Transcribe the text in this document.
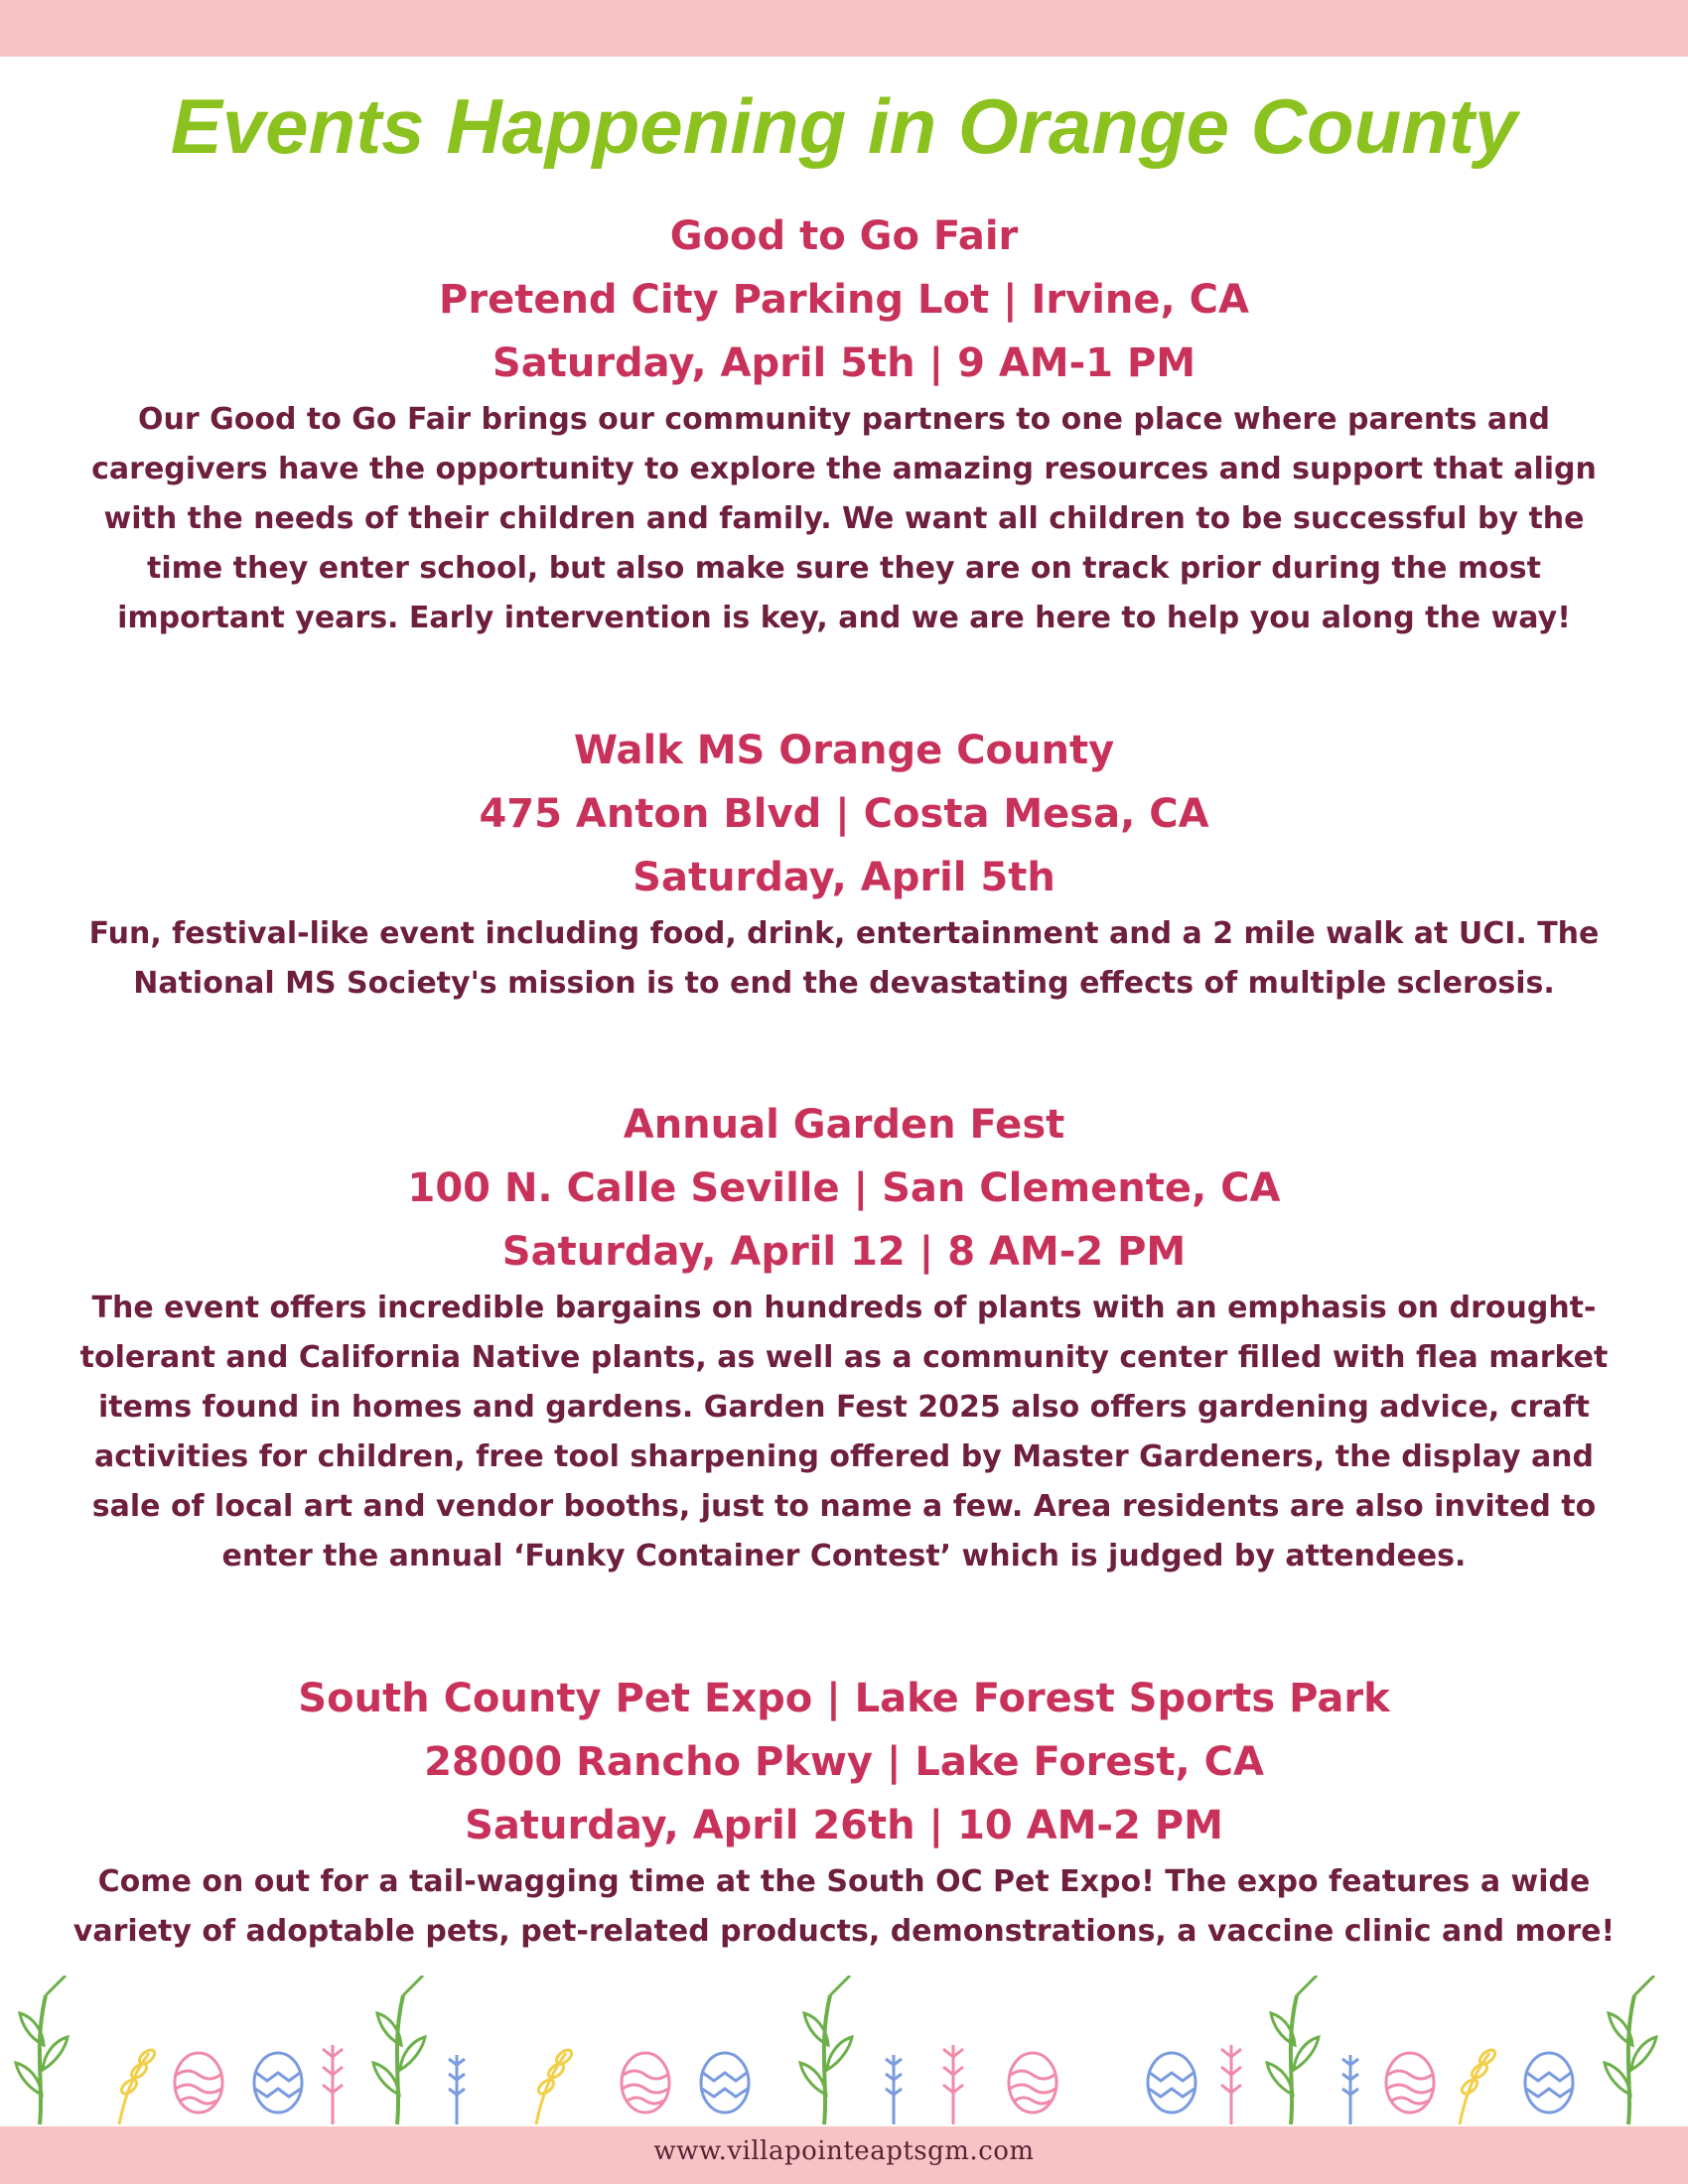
Events Happening in Orange County

Good to Go Fair

Pretend City Parking Lot | Irvine, CA

Saturday, April 5th | 9 AM-1 PM

Our Good to Go Fair brings our community partners to one place where parents and

caregivers have the opportunity to explore the amazing resources and support that align

with the needs of their children and family. We want all children to be successful by the

time they enter school, but also make sure they are on track prior during the most

important years. Early intervention is key, and we are here to help you along the way!

Walk MS Orange County

475 Anton Blvd | Costa Mesa, CA

Saturday, April 5th

Fun, festival-like event including food, drink, entertainment and a 2 mile walk at UCI. The

National MS Society's mission is to end the devastating effects of multiple sclerosis.

Annual Garden Fest

100 N. Calle Seville | San Clemente, CA

Saturday, April 12 | 8 AM-2 PM

The event offers incredible bargains on hundreds of plants with an emphasis on drought-

tolerant and California Native plants, as well as a community center filled with flea market

items found in homes and gardens. Garden Fest 2025 also offers gardening advice, craft

activities for children, free tool sharpening offered by Master Gardeners, the display and

sale of local art and vendor booths, just to name a few. Area residents are also invited to

enter the annual ‘Funky Container Contest’ which is judged by attendees.

South County Pet Expo | Lake Forest Sports Park

28000 Rancho Pkwy | Lake Forest, CA

Saturday, April 26th | 10 AM-2 PM

Come on out for a tail-wagging time at the South OC Pet Expo! The expo features a wide

variety of adoptable pets, pet-related products, demonstrations, a vaccine clinic and more!

www.villapointeaptsgm.com
